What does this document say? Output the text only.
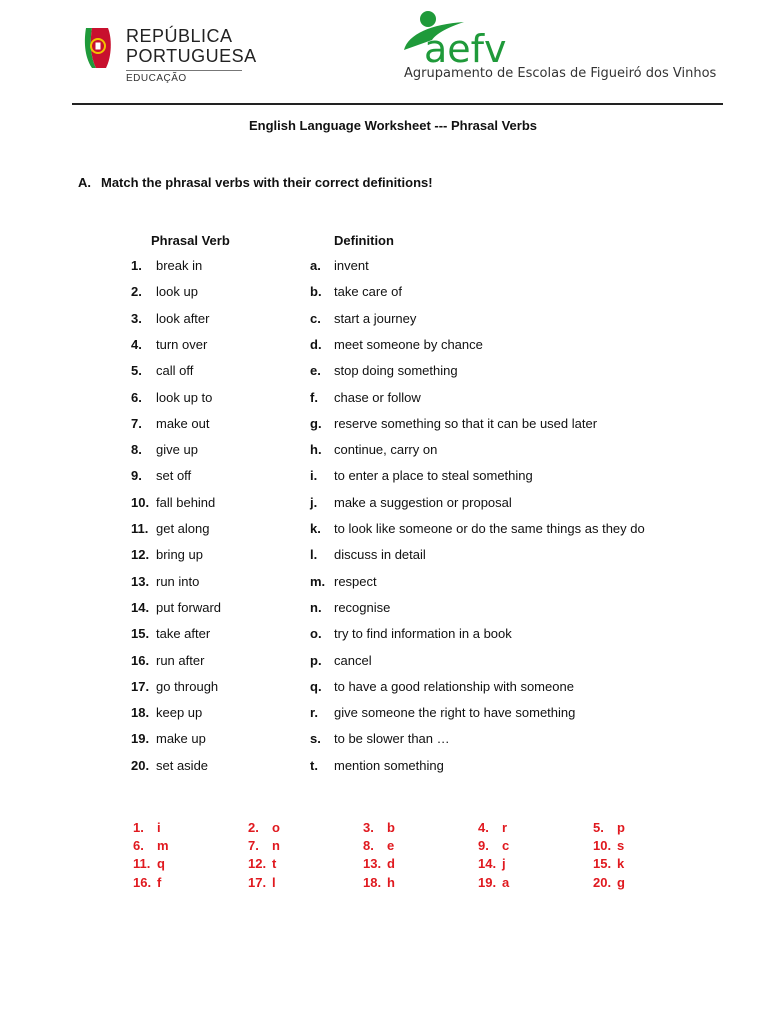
REPÚBLICA
PORTUGUESA
EDUCAÇÃO
aefv
Agrupamento de Escolas de Figueiró dos Vinhos
English Language Worksheet --- Phrasal Verbs
A. Match the phrasal verbs with their correct definitions!
Phrasal Verb	Definition
1. break in	a. invent
2. look up	b. take care of
3. look after	c. start a journey
4. turn over	d. meet someone by chance
5. call off	e. stop doing something
6. look up to	f. chase or follow
7. make out	g. reserve something so that it can be used later
8. give up	h. continue, carry on
9. set off	i. to enter a place to steal something
10. fall behind	j. make a suggestion or proposal
11. get along	k. to look like someone or do the same things as they do
12. bring up	l. discuss in detail
13. run into	m. respect
14. put forward	n. recognise
15. take after	o. try to find information in a book
16. run after	p. cancel
17. go through	q. to have a good relationship with someone
18. keep up	r. give someone the right to have something
19. make up	s. to be slower than …
20. set aside	t. mention something
1. i	2. o	3. b	4. r	5. p
6. m	7. n	8. e	9. c	10. s
11. q	12. t	13. d	14. j	15. k
16. f	17. l	18. h	19. a	20. g
